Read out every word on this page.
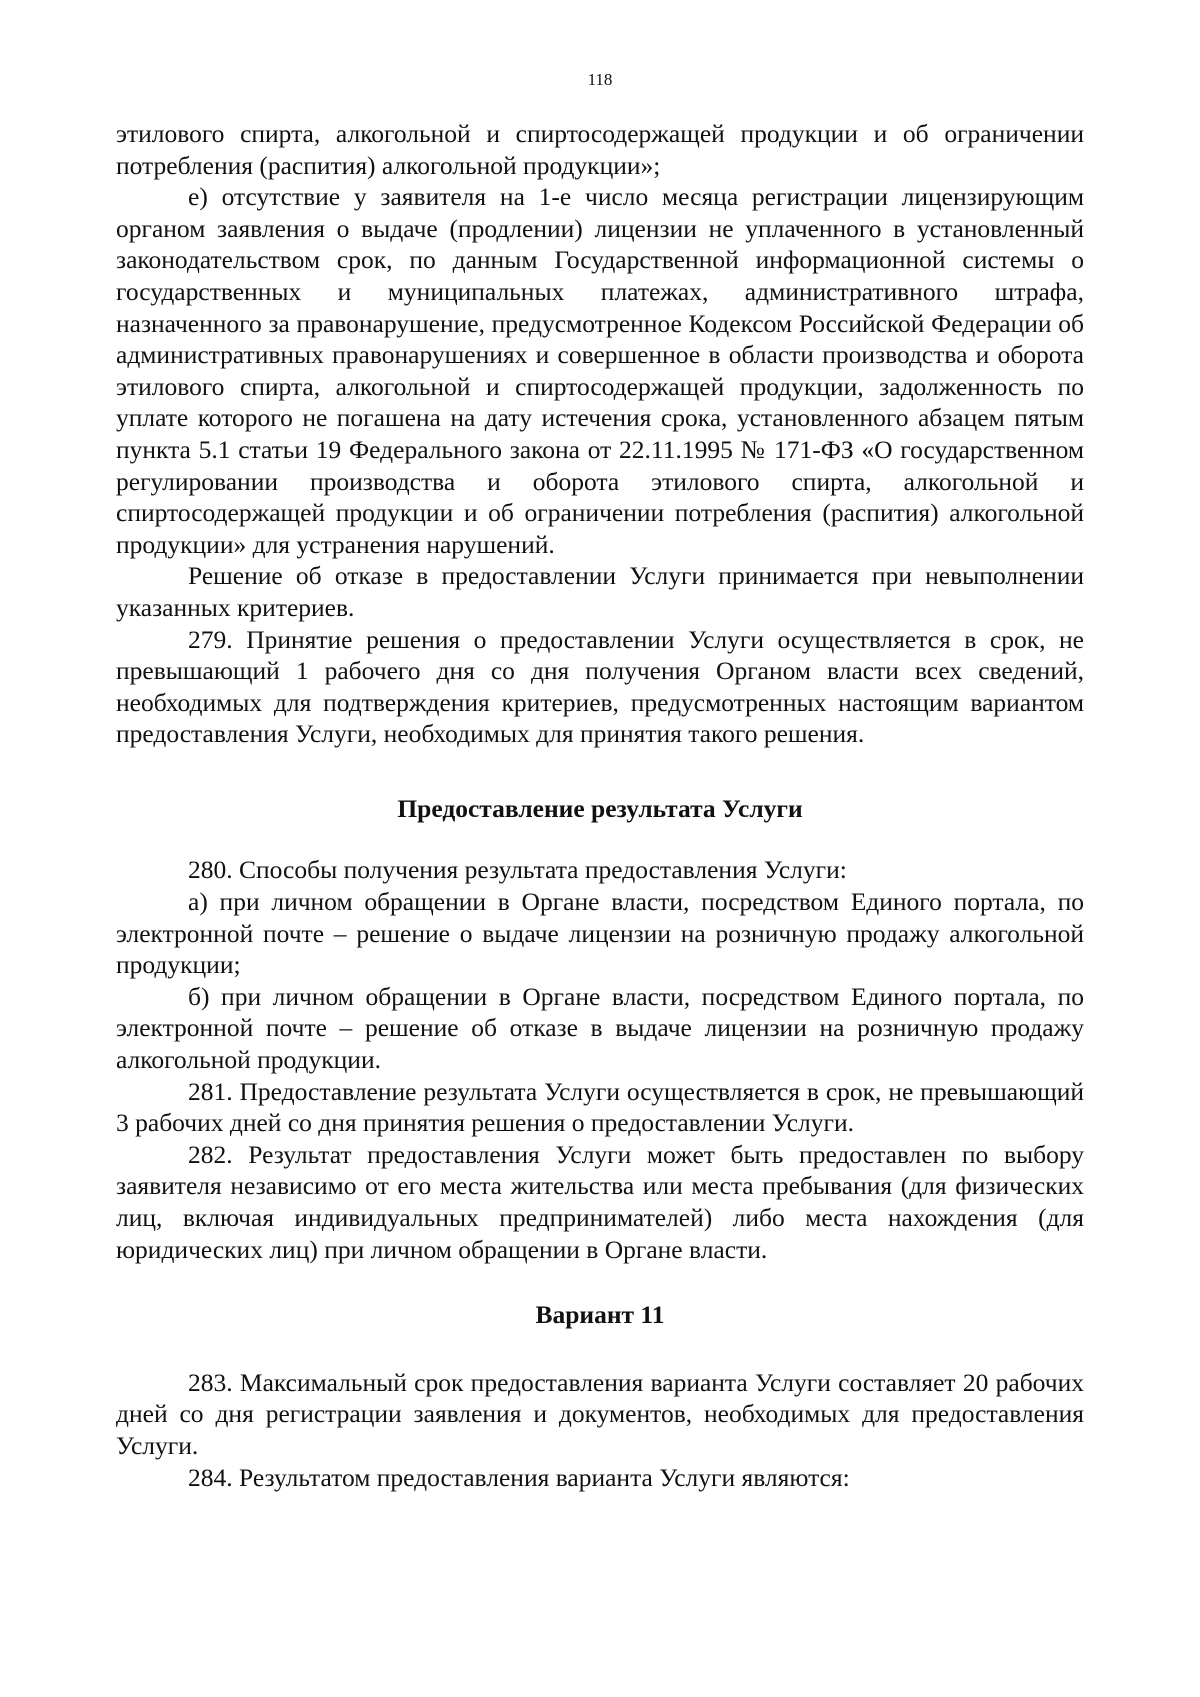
118

этилового спирта, алкогольной и спиртосодержащей продукции и об ограничении потребления (распития) алкогольной продукции»;

е) отсутствие у заявителя на 1-е число месяца регистрации лицензирующим органом заявления о выдаче (продлении) лицензии не уплаченного в установленный законодательством срок, по данным Государственной информационной системы о государственных и муниципальных платежах, административного штрафа, назначенного за правонарушение, предусмотренное Кодексом Российской Федерации об административных правонарушениях и совершенное в области производства и оборота этилового спирта, алкогольной и спиртосодержащей продукции, задолженность по уплате которого не погашена на дату истечения срока, установленного абзацем пятым пункта 5.1 статьи 19 Федерального закона от 22.11.1995 № 171-ФЗ «О государственном регулировании производства и оборота этилового спирта, алкогольной и спиртосодержащей продукции и об ограничении потребления (распития) алкогольной продукции» для устранения нарушений.

Решение об отказе в предоставлении Услуги принимается при невыполнении указанных критериев.

279. Принятие решения о предоставлении Услуги осуществляется в срок, не превышающий 1 рабочего дня со дня получения Органом власти всех сведений, необходимых для подтверждения критериев, предусмотренных настоящим вариантом предоставления Услуги, необходимых для принятия такого решения.

Предоставление результата Услуги

280. Способы получения результата предоставления Услуги:

а) при личном обращении в Органе власти, посредством Единого портала, по электронной почте – решение о выдаче лицензии на розничную продажу алкогольной продукции;

б) при личном обращении в Органе власти, посредством Единого портала, по электронной почте – решение об отказе в выдаче лицензии на розничную продажу алкогольной продукции.

281. Предоставление результата Услуги осуществляется в срок, не превышающий 3 рабочих дней со дня принятия решения о предоставлении Услуги.

282. Результат предоставления Услуги может быть предоставлен по выбору заявителя независимо от его места жительства или места пребывания (для физических лиц, включая индивидуальных предпринимателей) либо места нахождения (для юридических лиц) при личном обращении в Органе власти.

Вариант 11

283. Максимальный срок предоставления варианта Услуги составляет 20 рабочих дней со дня регистрации заявления и документов, необходимых для предоставления Услуги.

284. Результатом предоставления варианта Услуги являются:
